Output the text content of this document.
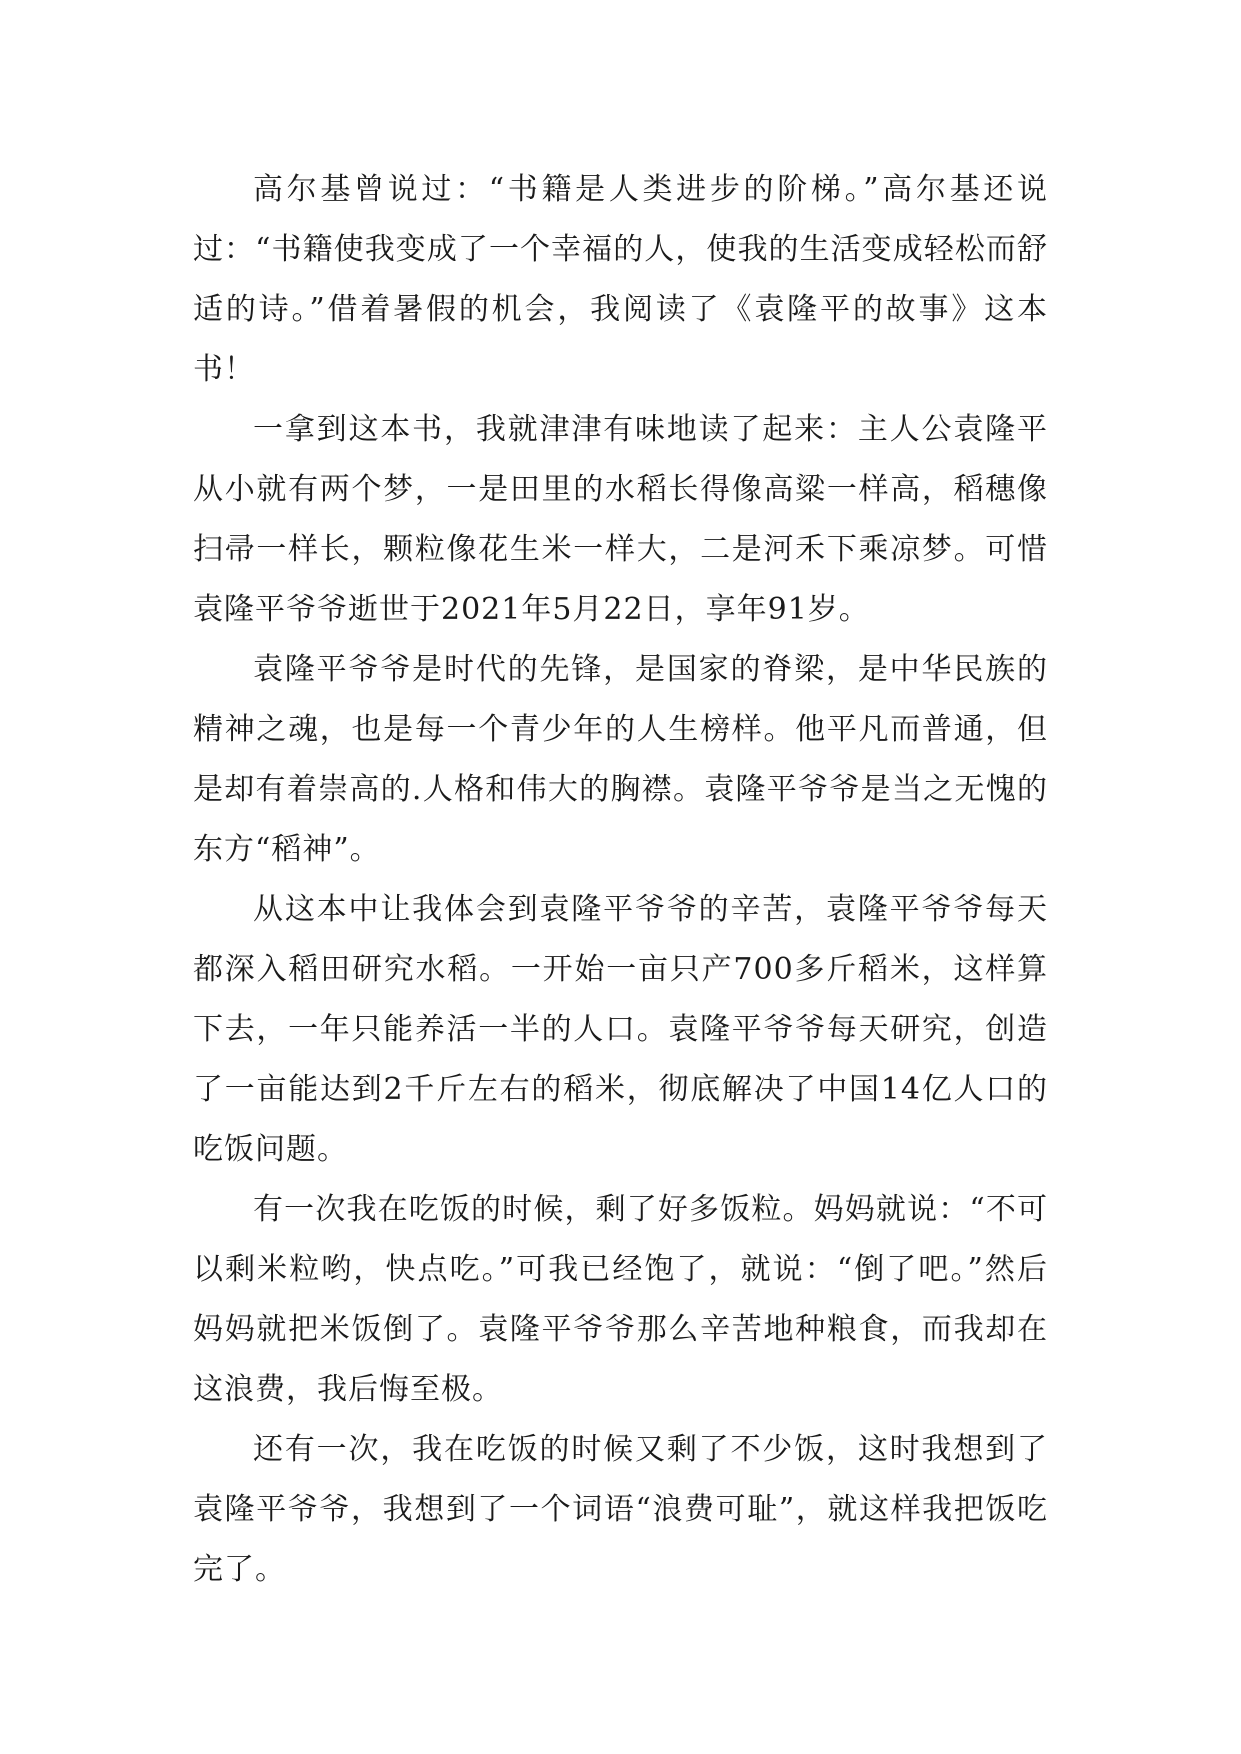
高尔基曾说过：“书籍是人类进步的阶梯。”高尔基还说过：“书籍使我变成了一个幸福的人，使我的生活变成轻松而舒适的诗。”借着暑假的机会，我阅读了《袁隆平的故事》这本书！

一拿到这本书，我就津津有味地读了起来：主人公袁隆平从小就有两个梦，一是田里的水稻长得像高粱一样高，稻穗像扫帚一样长，颗粒像花生米一样大，二是河禾下乘凉梦。可惜袁隆平爷爷逝世于2021年5月22日，享年91岁。

袁隆平爷爷是时代的先锋，是国家的脊梁，是中华民族的精神之魂，也是每一个青少年的人生榜样。他平凡而普通，但是却有着崇高的.人格和伟大的胸襟。袁隆平爷爷是当之无愧的东方“稻神”。

从这本中让我体会到袁隆平爷爷的辛苦，袁隆平爷爷每天都深入稻田研究水稻。一开始一亩只产700多斤稻米，这样算下去，一年只能养活一半的人口。袁隆平爷爷每天研究，创造了一亩能达到2千斤左右的稻米，彻底解决了中国14亿人口的吃饭问题。

有一次我在吃饭的时候，剩了好多饭粒。妈妈就说：“不可以剩米粒哟，快点吃。”可我已经饱了，就说：“倒了吧。”然后妈妈就把米饭倒了。袁隆平爷爷那么辛苦地种粮食，而我却在这浪费，我后悔至极。

还有一次，我在吃饭的时候又剩了不少饭，这时我想到了袁隆平爷爷，我想到了一个词语“浪费可耻”，就这样我把饭吃完了。
